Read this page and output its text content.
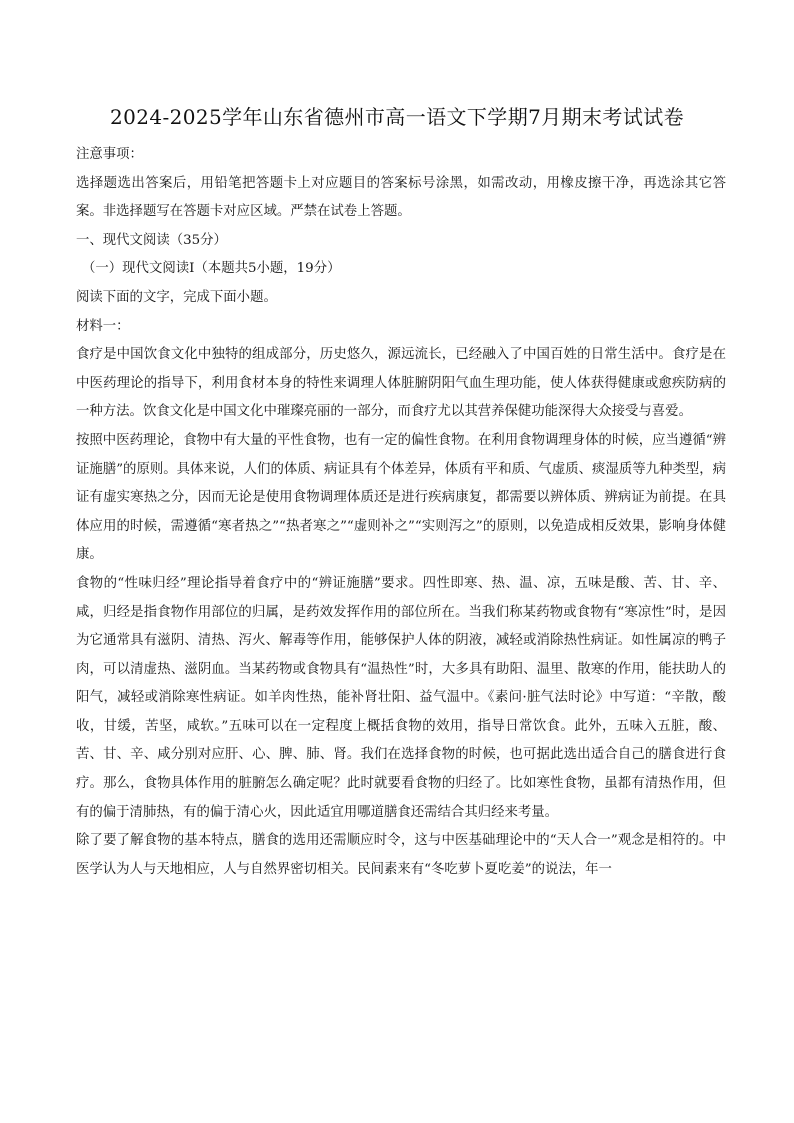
2024-2025学年山东省德州市高一语文下学期7月期末考试试卷

注意事项：

选择题选出答案后，用铅笔把答题卡上对应题目的答案标号涂黑，如需改动，用橡皮擦干净，再选涂其它答案。非选择题写在答题卡对应区域。严禁在试卷上答题。

一、现代文阅读（35分）

（一）现代文阅读Ⅰ（本题共5小题，19分）

阅读下面的文字，完成下面小题。

材料一：

食疗是中国饮食文化中独特的组成部分，历史悠久，源远流长，已经融入了中国百姓的日常生活中。食疗是在中医药理论的指导下，利用食材本身的特性来调理人体脏腑阴阳气血生理功能，使人体获得健康或愈疾防病的一种方法。饮食文化是中国文化中璀璨亮丽的一部分，而食疗尤以其营养保健功能深得大众接受与喜爱。

按照中医药理论，食物中有大量的平性食物，也有一定的偏性食物。在利用食物调理身体的时候，应当遵循“辨证施膳”的原则。具体来说，人们的体质、病证具有个体差异，体质有平和质、气虚质、痰湿质等九种类型，病证有虚实寒热之分，因而无论是使用食物调理体质还是进行疾病康复，都需要以辨体质、辨病证为前提。在具体应用的时候，需遵循“寒者热之”“热者寒之”“虚则补之”“实则泻之”的原则，以免造成相反效果，影响身体健康。

食物的“性味归经”理论指导着食疗中的“辨证施膳”要求。四性即寒、热、温、凉，五味是酸、苦、甘、辛、咸，归经是指食物作用部位的归属，是药效发挥作用的部位所在。当我们称某药物或食物有“寒凉性”时，是因为它通常具有滋阴、清热、泻火、解毒等作用，能够保护人体的阴液，减轻或消除热性病证。如性属凉的鸭子肉，可以清虚热、滋阴血。当某药物或食物具有“温热性”时，大多具有助阳、温里、散寒的作用，能扶助人的阳气，减轻或消除寒性病证。如羊肉性热，能补肾壮阳、益气温中。《素问·脏气法时论》中写道：“辛散，酸收，甘缓，苦坚，咸软。”五味可以在一定程度上概括食物的效用，指导日常饮食。此外，五味入五脏，酸、苦、甘、辛、咸分别对应肝、心、脾、肺、肾。我们在选择食物的时候，也可据此选出适合自己的膳食进行食疗。那么，食物具体作用的脏腑怎么确定呢？此时就要看食物的归经了。比如寒性食物，虽都有清热作用，但有的偏于清肺热，有的偏于清心火，因此适宜用哪道膳食还需结合其归经来考量。

除了要了解食物的基本特点，膳食的选用还需顺应时令，这与中医基础理论中的“天人合一”观念是相符的。中医学认为人与天地相应，人与自然界密切相关。民间素来有“冬吃萝卜夏吃姜”的说法，年一
